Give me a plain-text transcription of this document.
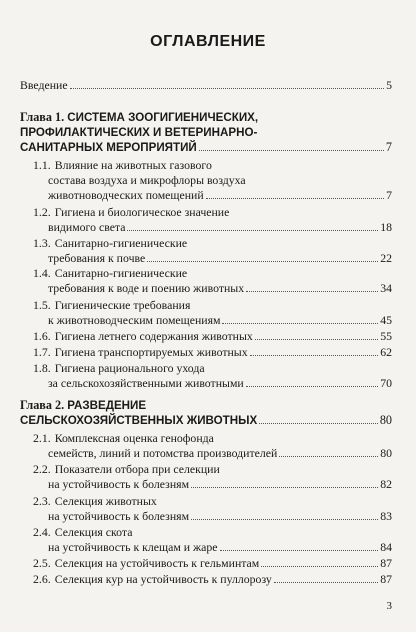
ОГЛАВЛЕНИЕ
Введение	5
Глава 1. СИСТЕМА ЗООГИГИЕНИЧЕСКИХ,
ПРОФИЛАКТИЧЕСКИХ И ВЕТЕРИНАРНО-
САНИТАРНЫХ МЕРОПРИЯТИЙ	7
1.1. Влияние на животных газового
состава воздуха и микрофлоры воздуха
животноводческих помещений	7
1.2. Гигиена и биологическое значение
видимого света	18
1.3. Санитарно-гигиенические
требования к почве	22
1.4. Санитарно-гигиенические
требования к воде и поению животных	34
1.5. Гигиенические требования
к животноводческим помещениям	45
1.6. Гигиена летнего содержания животных	55
1.7. Гигиена транспортируемых животных	62
1.8. Гигиена рационального ухода
за сельскохозяйственными животными	70
Глава 2. РАЗВЕДЕНИЕ
СЕЛЬСКОХОЗЯЙСТВЕННЫХ ЖИВОТНЫХ	80
2.1. Комплексная оценка генофонда
семейств, линий и потомства производителей	80
2.2. Показатели отбора при селекции
на устойчивость к болезням	82
2.3. Селекция животных
на устойчивость к болезням	83
2.4. Селекция скота
на устойчивость к клещам и жаре	84
2.5. Селекция на устойчивость к гельминтам	87
2.6. Селекция кур на устойчивость к пуллорозу	87
3
